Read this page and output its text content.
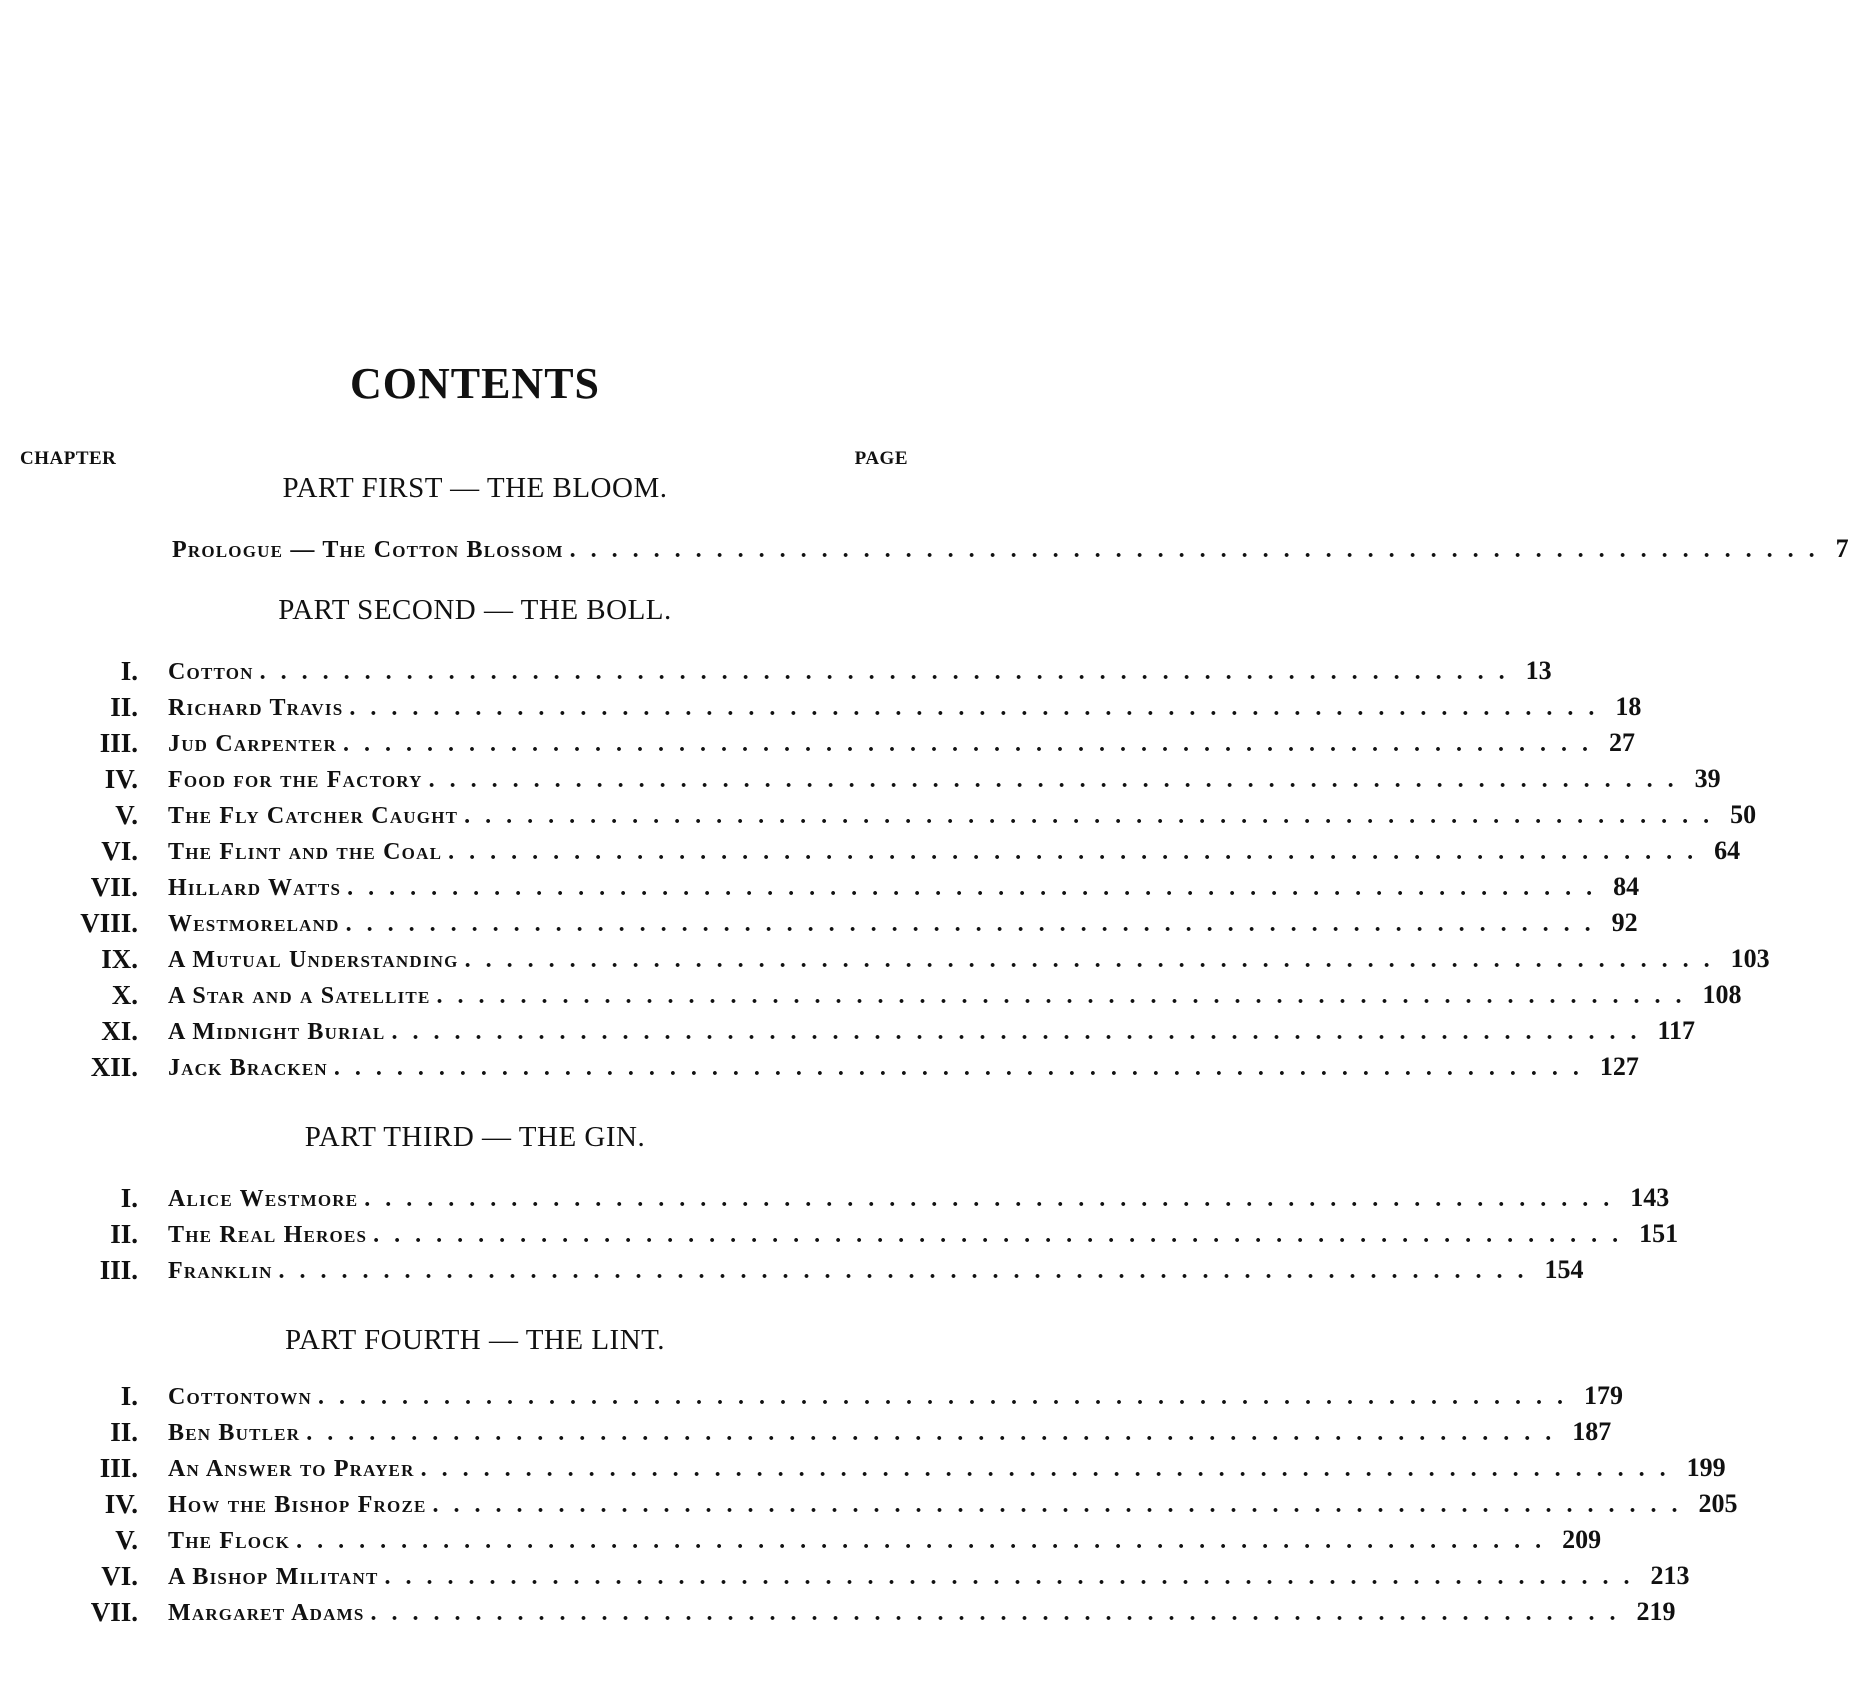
CONTENTS
CHAPTER	PAGE
PART FIRST — THE BLOOM.
Prologue — The Cotton Blossom ............................................................ 7
PART SECOND — THE BOLL.
I. Cotton ............................................................ 13
II. Richard Travis ............................................................ 18
III. Jud Carpenter ............................................................ 27
IV. Food for the Factory ............................................................ 39
V. The Fly Catcher Caught ............................................................ 50
VI. The Flint and the Coal ............................................................ 64
VII. Hillard Watts ............................................................ 84
VIII. Westmoreland ............................................................ 92
IX. A Mutual Understanding ............................................................ 103
X. A Star and a Satellite ............................................................ 108
XI. A Midnight Burial ............................................................ 117
XII. Jack Bracken ............................................................ 127
PART THIRD — THE GIN.
I. Alice Westmore ............................................................ 143
II. The Real Heroes ............................................................ 151
III. Franklin ............................................................ 154
PART FOURTH — THE LINT.
I. Cottontown ............................................................ 179
II. Ben Butler ............................................................ 187
III. An Answer to Prayer ............................................................ 199
IV. How the Bishop Froze ............................................................ 205
V. The Flock ............................................................ 209
VI. A Bishop Militant ............................................................ 213
VII. Margaret Adams ............................................................ 219
